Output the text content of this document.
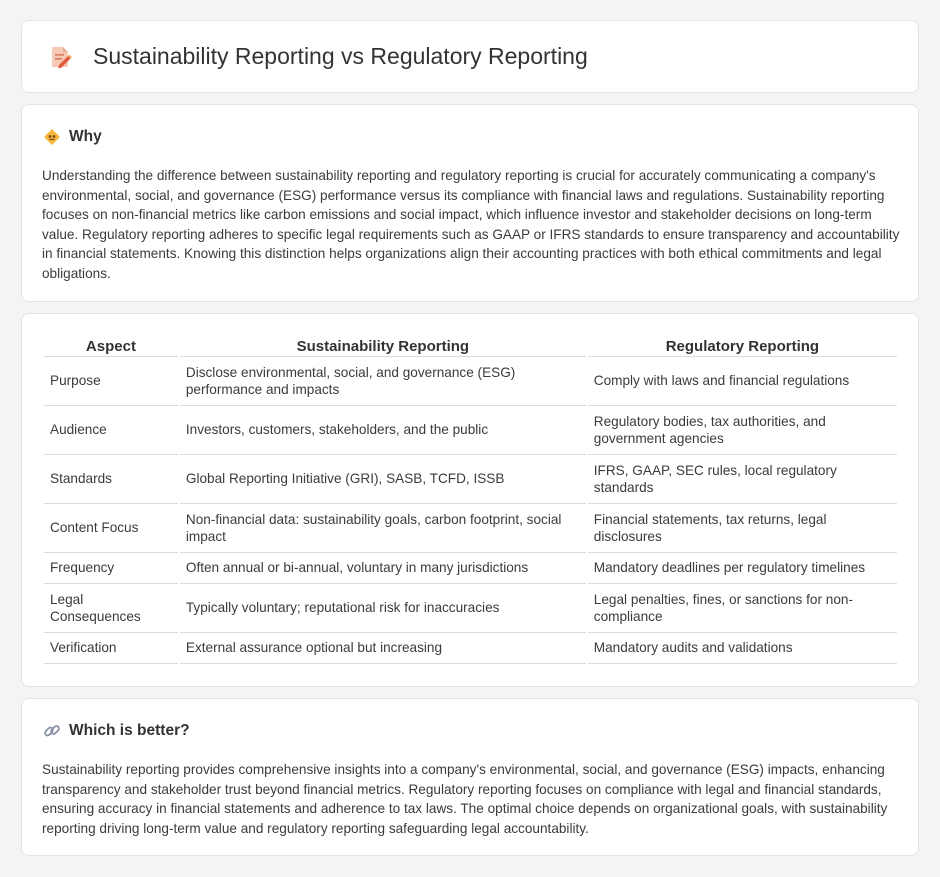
Sustainability Reporting vs Regulatory Reporting
Why

Understanding the difference between sustainability reporting and regulatory reporting is crucial for accurately communicating a company's environmental, social, and governance (ESG) performance versus its compliance with financial laws and regulations. Sustainability reporting focuses on non-financial metrics like carbon emissions and social impact, which influence investor and stakeholder decisions on long-term value. Regulatory reporting adheres to specific legal requirements such as GAAP or IFRS standards to ensure transparency and accountability in financial statements. Knowing this distinction helps organizations align their accounting practices with both ethical commitments and legal obligations.

Aspect	Sustainability Reporting	Regulatory Reporting
Purpose	Disclose environmental, social, and governance (ESG) performance and impacts	Comply with laws and financial regulations
Audience	Investors, customers, stakeholders, and the public	Regulatory bodies, tax authorities, and government agencies
Standards	Global Reporting Initiative (GRI), SASB, TCFD, ISSB	IFRS, GAAP, SEC rules, local regulatory standards
Content Focus	Non-financial data: sustainability goals, carbon footprint, social impact	Financial statements, tax returns, legal disclosures
Frequency	Often annual or bi-annual, voluntary in many jurisdictions	Mandatory deadlines per regulatory timelines
Legal Consequences	Typically voluntary; reputational risk for inaccuracies	Legal penalties, fines, or sanctions for non-compliance
Verification	External assurance optional but increasing	Mandatory audits and validations
Which is better?

Sustainability reporting provides comprehensive insights into a company's environmental, social, and governance (ESG) impacts, enhancing transparency and stakeholder trust beyond financial metrics. Regulatory reporting focuses on compliance with legal and financial standards, ensuring accuracy in financial statements and adherence to tax laws. The optimal choice depends on organizational goals, with sustainability reporting driving long-term value and regulatory reporting safeguarding legal accountability.
